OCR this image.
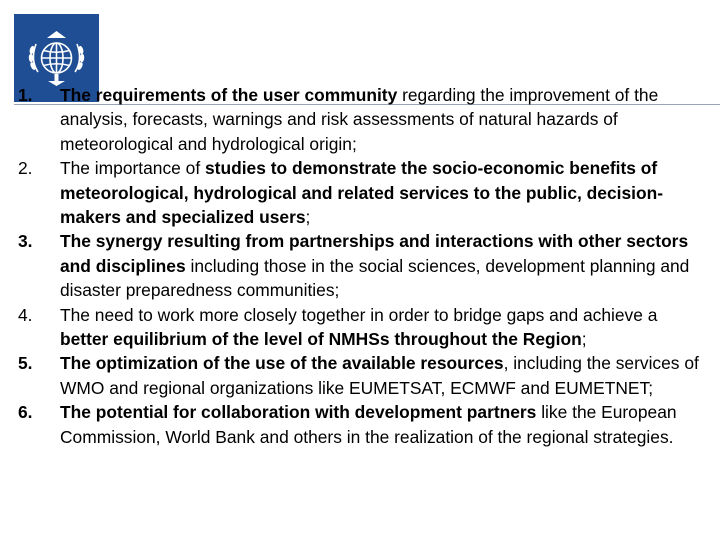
1.	The requirements of the user community regarding the improvement of the analysis, forecasts, warnings and risk assessments of natural hazards of meteorological and hydrological origin;
2.	The importance of studies to demonstrate the socio-economic benefits of meteorological, hydrological and related services to the public, decision-makers and specialized users;
3.	The synergy resulting from partnerships and interactions with other sectors and disciplines including those in the social sciences, development planning and disaster preparedness communities;
4.	The need to work more closely together in order to bridge gaps and achieve a better equilibrium of the level of NMHSs throughout the Region;
5.	The optimization of the use of the available resources, including the services of WMO and regional organizations like EUMETSAT, ECMWF and EUMETNET;
6.	The potential for collaboration with development partners like the European Commission, World Bank and others in the realization of the regional strategies.
